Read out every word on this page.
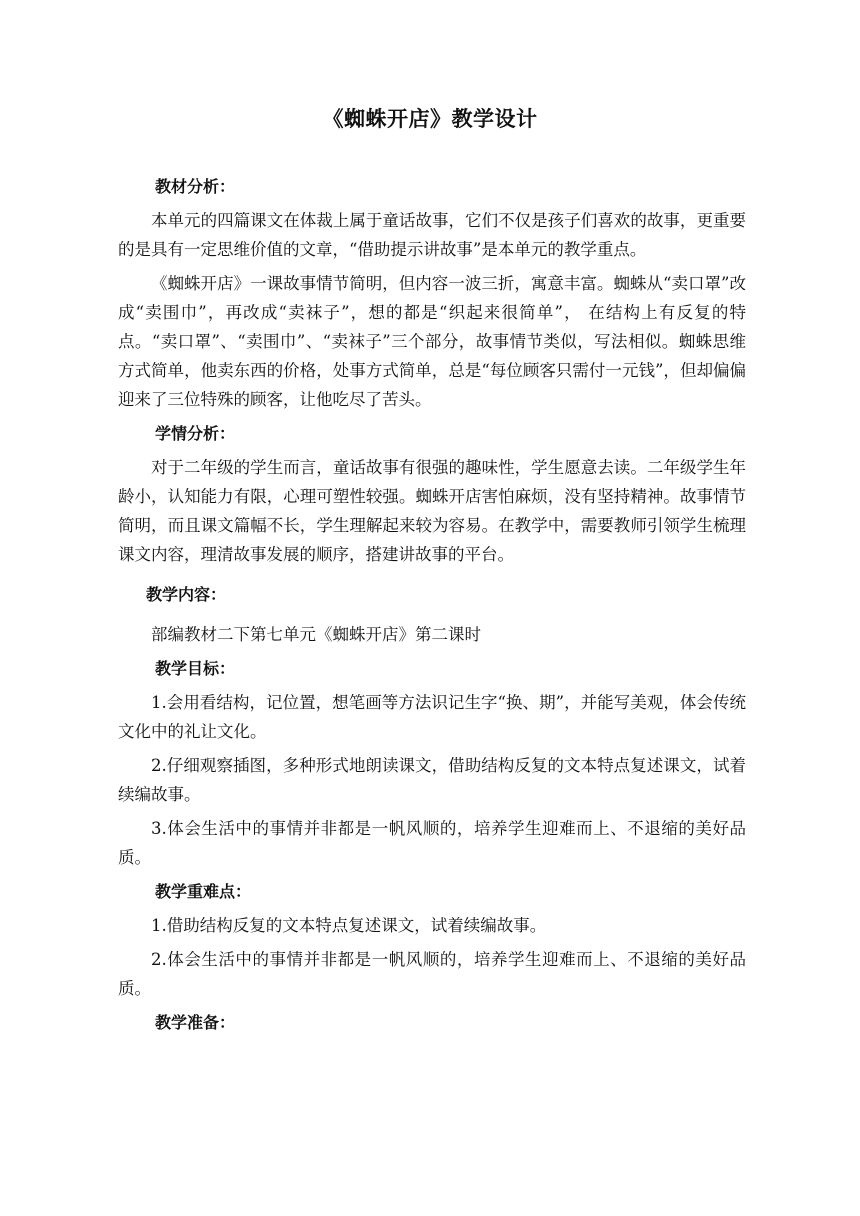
《蜘蛛开店》教学设计
教材分析：

本单元的四篇课文在体裁上属于童话故事，它们不仅是孩子们喜欢的故事，更重要的是具有一定思维价值的文章，“借助提示讲故事”是本单元的教学重点。

《蜘蛛开店》一课故事情节简明，但内容一波三折，寓意丰富。蜘蛛从“卖口罩”改成“卖围巾”，再改成“卖袜子”，想的都是“织起来很简单”， 在结构上有反复的特点。“卖口罩”、“卖围巾”、“卖袜子”三个部分，故事情节类似，写法相似。蜘蛛思维方式简单，他卖东西的价格，处事方式简单，总是“每位顾客只需付一元钱”，但却偏偏迎来了三位特殊的顾客，让他吃尽了苦头。

学情分析：

对于二年级的学生而言，童话故事有很强的趣味性，学生愿意去读。二年级学生年龄小，认知能力有限，心理可塑性较强。蜘蛛开店害怕麻烦，没有坚持精神。故事情节简明，而且课文篇幅不长，学生理解起来较为容易。在教学中，需要教师引领学生梳理课文内容，理清故事发展的顺序，搭建讲故事的平台。

教学内容：

部编教材二下第七单元《蜘蛛开店》第二课时

教学目标：

1.会用看结构，记位置，想笔画等方法识记生字“换、期”，并能写美观，体会传统文化中的礼让文化。

2.仔细观察插图，多种形式地朗读课文，借助结构反复的文本特点复述课文，试着续编故事。

3.体会生活中的事情并非都是一帆风顺的，培养学生迎难而上、不退缩的美好品质。

教学重难点：

1.借助结构反复的文本特点复述课文，试着续编故事。

2.体会生活中的事情并非都是一帆风顺的，培养学生迎难而上、不退缩的美好品质。

教学准备：
